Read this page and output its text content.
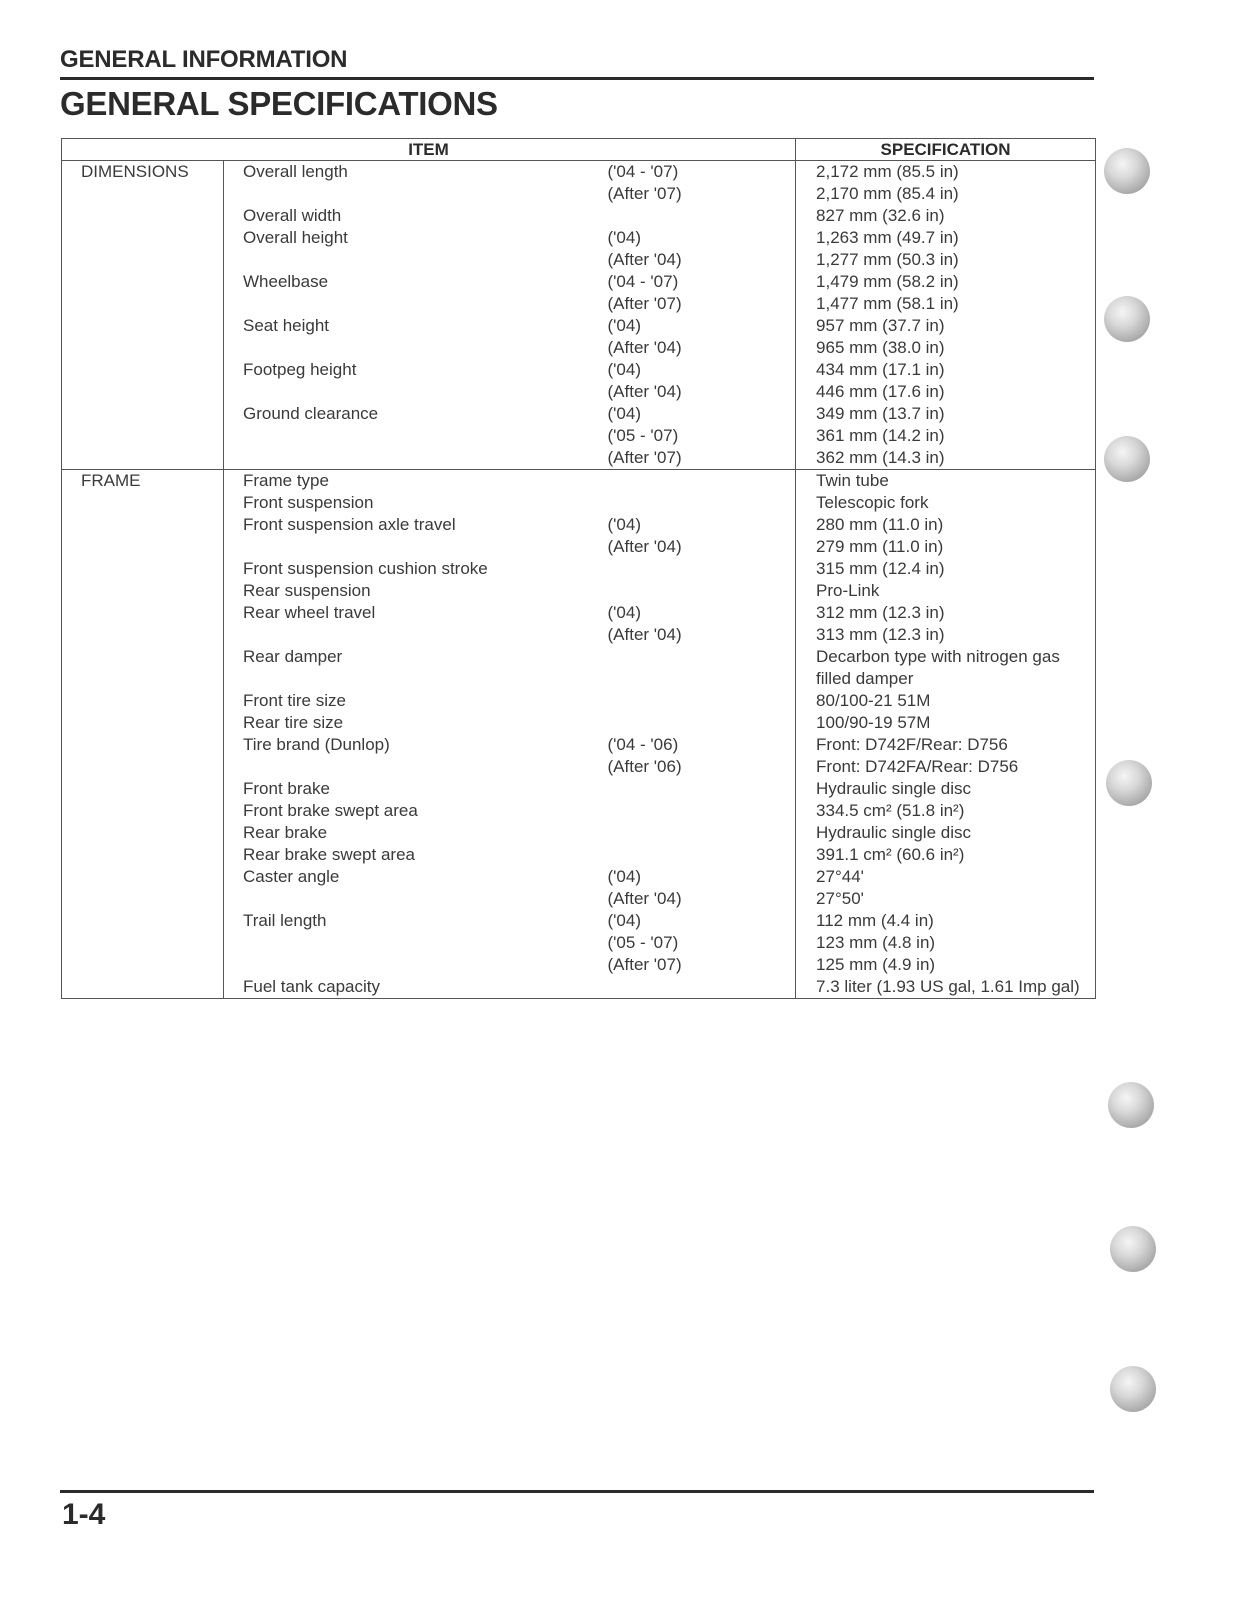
GENERAL INFORMATION
GENERAL SPECIFICATIONS
ITEM			SPECIFICATION
DIMENSIONS	Overall length	('04 - '07)	2,172 mm (85.5 in)
		(After '07)	2,170 mm (85.4 in)
	Overall width		827 mm (32.6 in)
	Overall height	('04)	1,263 mm (49.7 in)
		(After '04)	1,277 mm (50.3 in)
	Wheelbase	('04 - '07)	1,479 mm (58.2 in)
		(After '07)	1,477 mm (58.1 in)
	Seat height	('04)	957 mm (37.7 in)
		(After '04)	965 mm (38.0 in)
	Footpeg height	('04)	434 mm (17.1 in)
		(After '04)	446 mm (17.6 in)
	Ground clearance	('04)	349 mm (13.7 in)
		('05 - '07)	361 mm (14.2 in)
		(After '07)	362 mm (14.3 in)
FRAME	Frame type		Twin tube
	Front suspension		Telescopic fork
	Front suspension axle travel	('04)	280 mm (11.0 in)
		(After '04)	279 mm (11.0 in)
	Front suspension cushion stroke		315 mm (12.4 in)
	Rear suspension		Pro-Link
	Rear wheel travel	('04)	312 mm (12.3 in)
		(After '04)	313 mm (12.3 in)
	Rear damper		Decarbon type with nitrogen gas filled damper
	Front tire size		80/100-21 51M
	Rear tire size		100/90-19 57M
	Tire brand (Dunlop)	('04 - '06)	Front: D742F/Rear: D756
		(After '06)	Front: D742FA/Rear: D756
	Front brake		Hydraulic single disc
	Front brake swept area		334.5 cm² (51.8 in²)
	Rear brake		Hydraulic single disc
	Rear brake swept area		391.1 cm² (60.6 in²)
	Caster angle	('04)	27°44'
		(After '04)	27°50'
	Trail length	('04)	112 mm (4.4 in)
		('05 - '07)	123 mm (4.8 in)
		(After '07)	125 mm (4.9 in)
	Fuel tank capacity		7.3 liter (1.93 US gal, 1.61 Imp gal)
1-4
